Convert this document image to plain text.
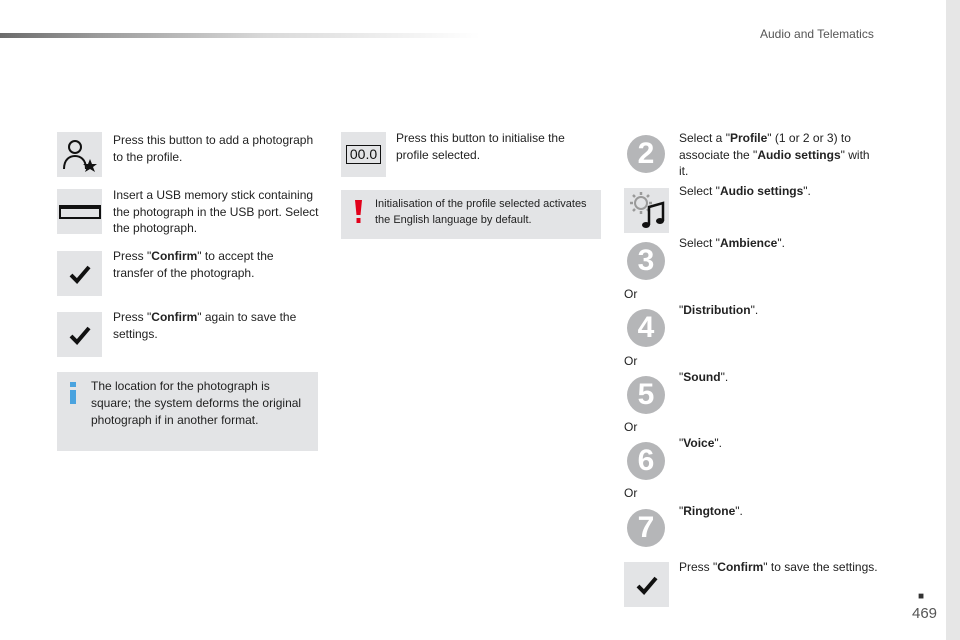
Audio and Telematics
■
469
Press this button to add a photograph to the profile.
Insert a USB memory stick containing the photograph in the USB port. Select the photograph.
Press "Confirm" to accept the transfer of the photograph.
Press "Confirm" again to save the settings.
The location for the photograph is square; the system deforms the original photograph if in another format.
00.0
Press this button to initialise the profile selected.
Initialisation of the profile selected activates the English language by default.
2	Select a "Profile" (1 or 2 or 3) to associate the "Audio settings" with it.
Select "Audio settings".
3
Select "Ambience".
Or
4
"Distribution".
Or
5
"Sound".
Or
6
"Voice".
Or
7	"Ringtone".
Press "Confirm" to save the settings.
